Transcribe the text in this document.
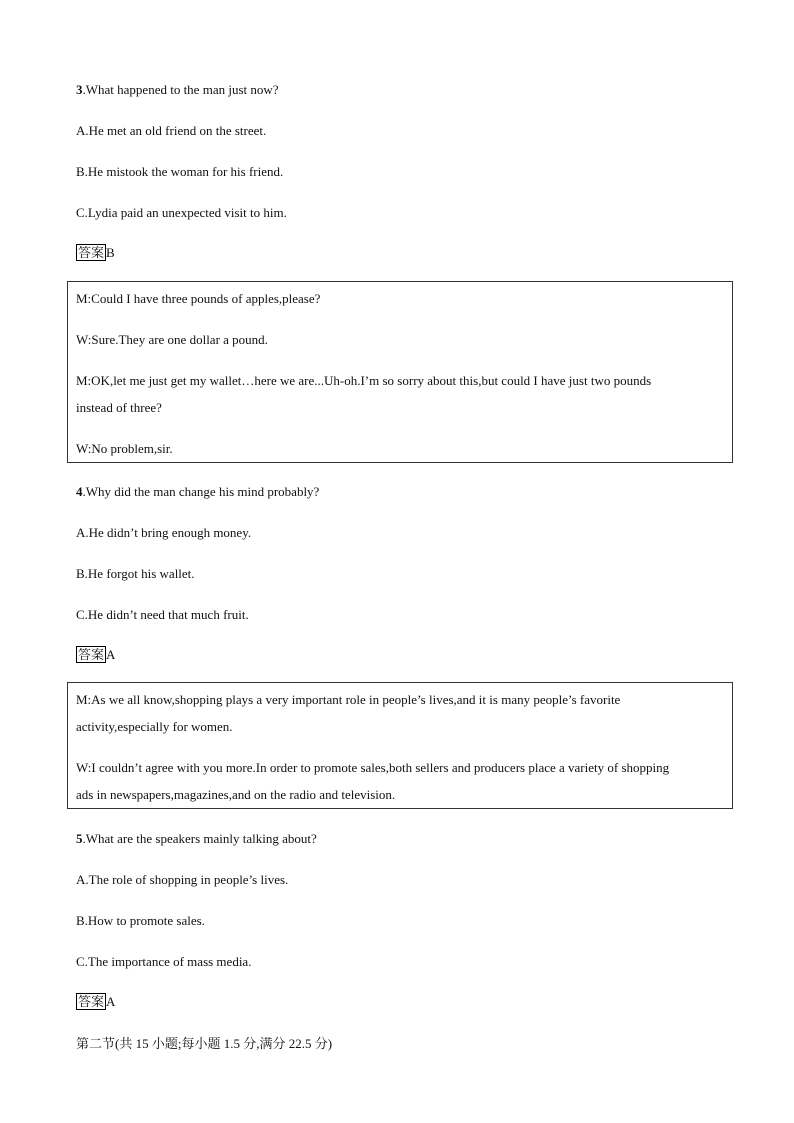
3.What happened to the man just now?
A.He met an old friend on the street.
B.He mistook the woman for his friend.
C.Lydia paid an unexpected visit to him.
答案 B
M:Could I have three pounds of apples,please?
W:Sure.They are one dollar a pound.
M:OK,let me just get my wallet…here we are...Uh-oh.I’m so sorry about this,but could I have just two pounds
instead of three?
W:No problem,sir.
4.Why did the man change his mind probably?
A.He didn’t bring enough money.
B.He forgot his wallet.
C.He didn’t need that much fruit.
答案 A
M:As we all know,shopping plays a very important role in people’s lives,and it is many people’s favorite
activity,especially for women.
W:I couldn’t agree with you more.In order to promote sales,both sellers and producers place a variety of shopping
ads in newspapers,magazines,and on the radio and television.
5.What are the speakers mainly talking about?
A.The role of shopping in people’s lives.
B.How to promote sales.
C.The importance of mass media.
答案 A
第二节(共 15 小题;每小题 1.5 分,满分 22.5 分)
